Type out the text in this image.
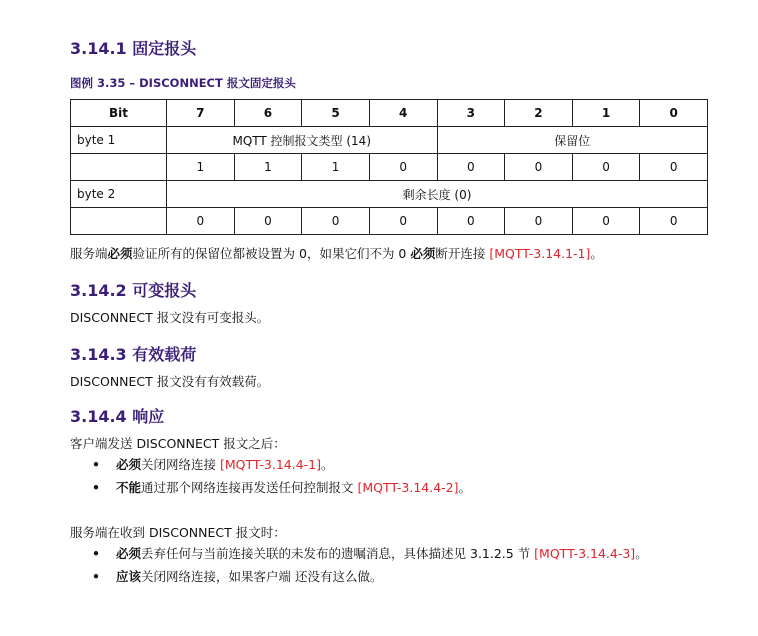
3.14.1 固定报头
图例 3.35 – DISCONNECT 报文固定报头
Bit	7	6	5	4	3	2	1	0
byte 1	MQTT 控制报文类型 (14)				保留位			
	1	1	1	0	0	0	0	0
byte 2	剩余长度 (0)							
	0	0	0	0	0	0	0	0
服务端必须验证所有的保留位都被设置为 0，如果它们不为 0 必须断开连接 [MQTT-3.14.1-1]。
3.14.2 可变报头
DISCONNECT 报文没有可变报头。
3.14.3 有效载荷
DISCONNECT 报文没有有效载荷。
3.14.4 响应
客户端发送 DISCONNECT 报文之后：
• 必须关闭网络连接 [MQTT-3.14.4-1]。
• 不能通过那个网络连接再发送任何控制报文 [MQTT-3.14.4-2]。
服务端在收到 DISCONNECT 报文时：
• 必须丢弃任何与当前连接关联的未发布的遗嘱消息，具体描述见 3.1.2.5 节 [MQTT-3.14.4-3]。
• 应该关闭网络连接，如果客户端 还没有这么做。
